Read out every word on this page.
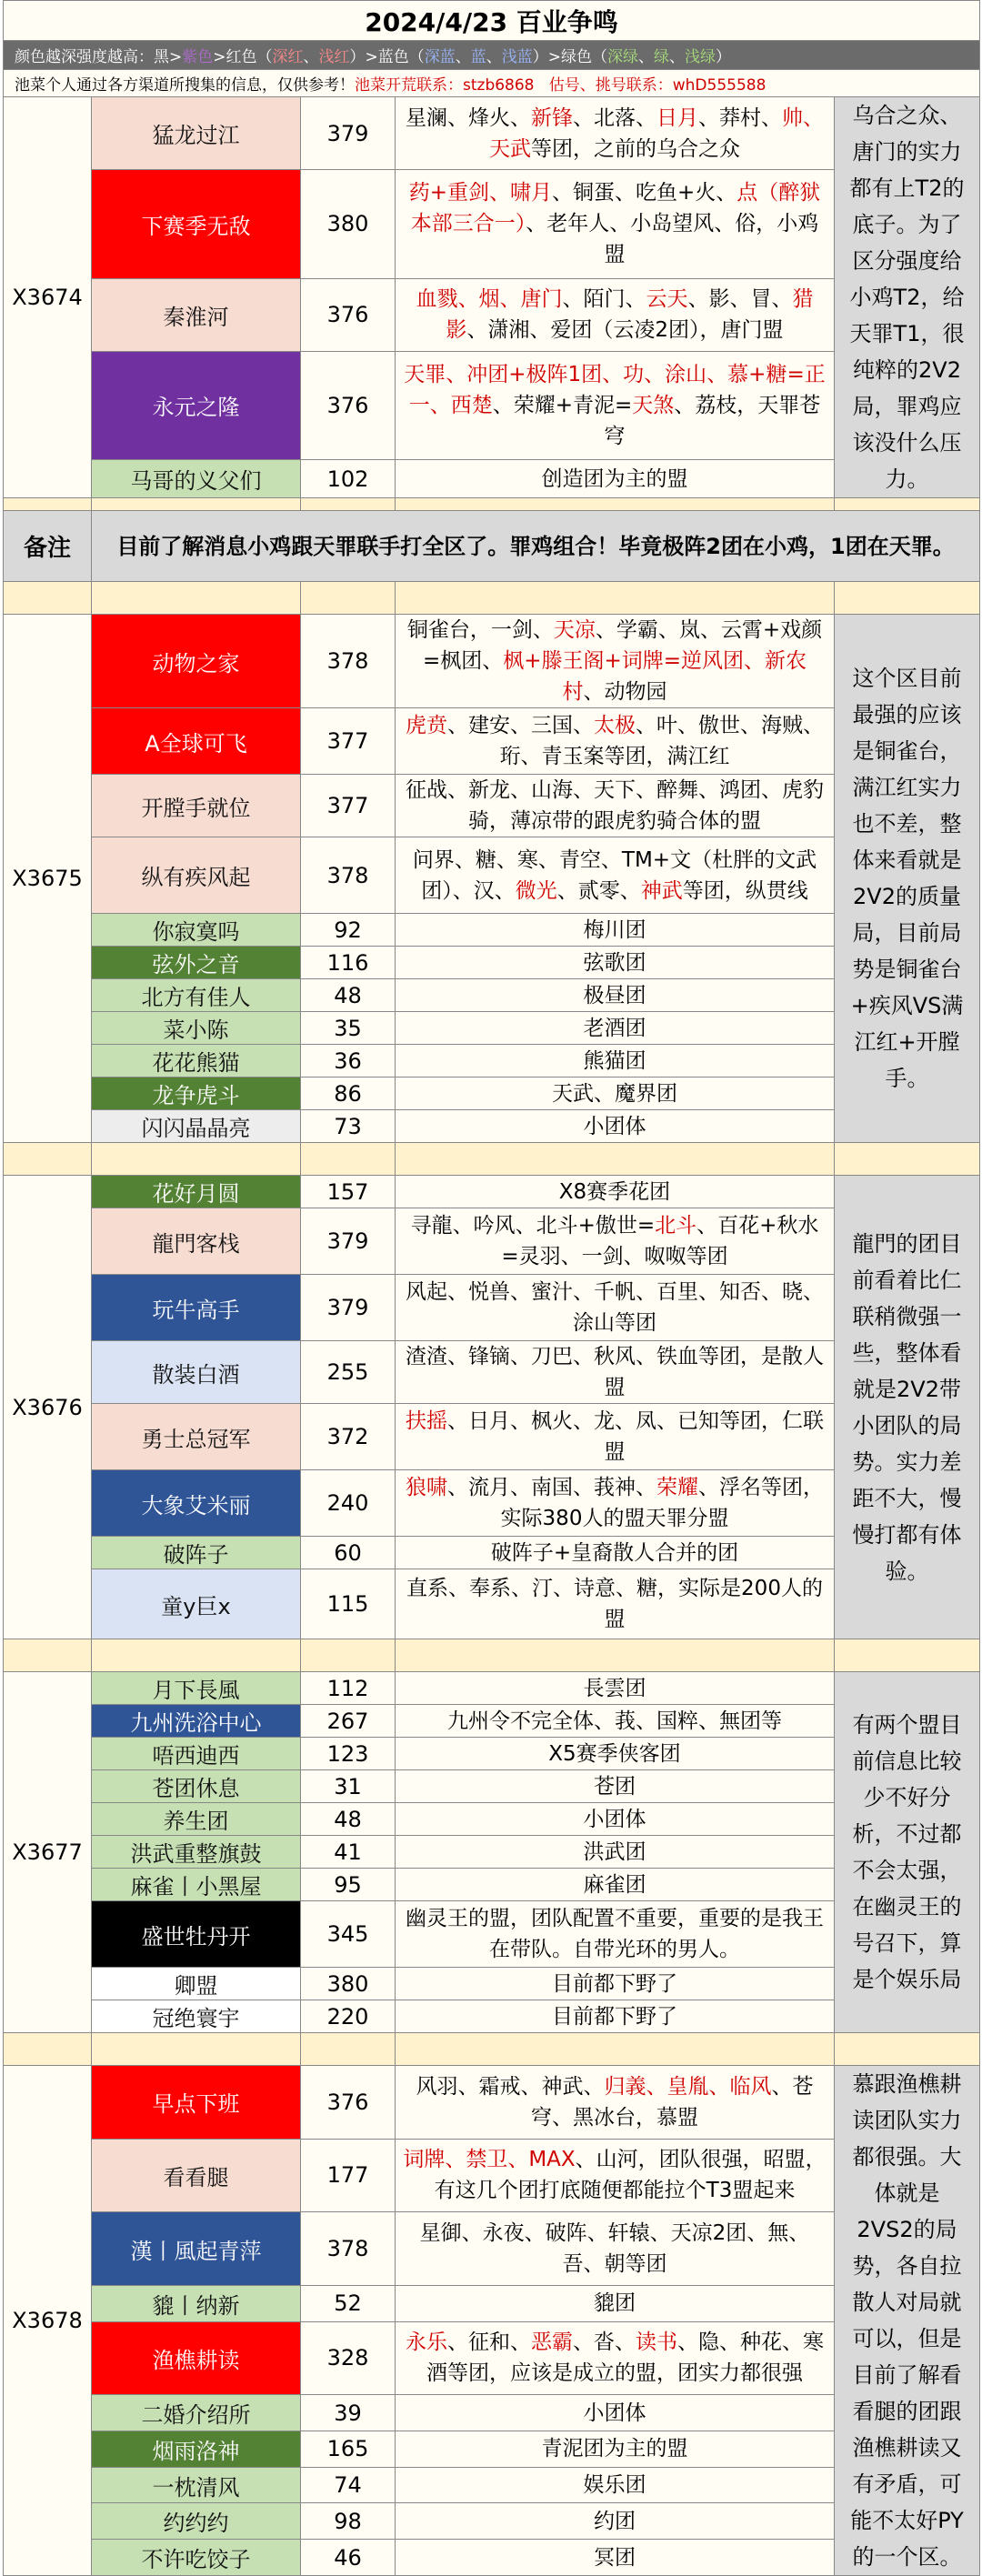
2024/4/23 百业争鸣				
颜色越深强度越高：黑>紫色>红色（深红、浅红）>蓝色（深蓝、蓝、浅蓝）>绿色（深绿、绿、浅绿）				
池菜个人通过各方渠道所搜集的信息，仅供参考！池菜开荒联系：stzb6868 估号、挑号联系：whD555588				
X3674	猛龙过江	379	星澜、烽火、新锋、北落、日月、莽村、帅、天武等团，之前的乌合之众	乌合之众、唐门的实力都有上T2的底子。为了区分强度给小鸡T2，给天罪T1，很纯粹的2V2局，罪鸡应该没什么压力。
	下赛季无敌	380	药+重剑、啸月、铜蛋、吃鱼+火、点（醉狱本部三合一）、老年人、小岛望风、俗，小鸡盟	
	秦淮河	376	血戮、烟、唐门、陌门、云天、影、冒、猎影、潇湘、爱团（云凌2团），唐门盟	
	永元之隆	376	天罪、冲团+极阵1团、功、涂山、慕+糖=正一、西楚、荣耀+青泥=天煞、荔枝，天罪苍穹	
	马哥的义父们	102	创造团为主的盟	

备注	目前了解消息小鸡跟天罪联手打全区了。罪鸡组合！毕竟极阵2团在小鸡，1团在天罪。			

X3675	动物之家	378	铜雀台，一剑、天凉、学霸、岚、云霄+戏颜=枫团、枫+滕王阁+词牌=逆风团、新农村、动物园	这个区目前最强的应该是铜雀台，满江红实力也不差，整体来看就是2V2的质量局，目前局势是铜雀台+疾风VS满江红+开膛手。
	A全球可飞	377	虎贲、建安、三国、太极、叶、傲世、海贼、珩、青玉案等团，满江红	
	开膛手就位	377	征战、新龙、山海、天下、醉舞、鸿团、虎豹骑，薄凉带的跟虎豹骑合体的盟	
	纵有疾风起	378	问界、糖、寒、青空、TM+文（杜胖的文武团）、汉、微光、贰零、神武等团，纵贯线	
	你寂寞吗	92	梅川团	
	弦外之音	116	弦歌团	
	北方有佳人	48	极昼团	
	菜小陈	35	老酒团	
	花花熊猫	36	熊猫团	
	龙争虎斗	86	天武、魔界团	
	闪闪晶晶亮	73	小团体	

X3676	花好月圆	157	X8赛季花团	龍門的团目前看着比仁联稍微强一些，整体看就是2V2带小团队的局势。实力差距不大，慢慢打都有体验。
	龍門客栈	379	寻龍、吟风、北斗+傲世=北斗、百花+秋水=灵羽、一剑、呶呶等团	
	玩牛高手	379	风起、悦兽、蜜汁、千帆、百里、知否、晓、涂山等团	
	散装白酒	255	渣渣、锋镝、刀巴、秋风、铁血等团，是散人盟	
	勇士总冠军	372	扶摇、日月、枫火、龙、凤、已知等团，仁联盟	
	大象艾米丽	240	狼啸、流月、南国、莪神、荣耀、浮名等团，实际380人的盟天罪分盟	
	破阵子	60	破阵子+皇裔散人合并的团	
	童y巨x	115	直系、奉系、汀、诗意、糖，实际是200人的盟	

X3677	月下長風	112	長雲团	有两个盟目前信息比较少不好分析，不过都不会太强，在幽灵王的号召下，算是个娱乐局
	九州洗浴中心	267	九州令不完全体、莪、国粹、無团等	
	唔西迪西	123	X5赛季侠客团	
	苍团休息	31	苍团	
	养生团	48	小团体	
	洪武重整旗鼓	41	洪武团	
	麻雀丨小黑屋	95	麻雀团	
	盛世牡丹开	345	幽灵王的盟，团队配置不重要，重要的是我王在带队。自带光环的男人。	
	卿盟	380	目前都下野了	
	冠绝寰宇	220	目前都下野了	

X3678	早点下班	376	风羽、霜戒、神武、归義、皇胤、临风、苍穹、黑冰台，慕盟	慕跟渔樵耕读团队实力都很强。大体就是2VS2的局势，各自拉散人对局就可以，但是目前了解看看腿的团跟渔樵耕读又有矛盾，可能不太好PY的一个区。
	看看腿	177	词牌、禁卫、MAX、山河，团队很强，昭盟，有这几个团打底随便都能拉个T3盟起来	
	漢丨風起青萍	378	星御、永夜、破阵、轩辕、天凉2团、無、吾、朝等团	
	貔丨纳新	52	貔团	
	渔樵耕读	328	永乐、征和、恶霸、沓、读书、隐、种花、寒酒等团，应该是成立的盟，团实力都很强	
	二婚介绍所	39	小团体	
	烟雨洛神	165	青泥团为主的盟	
	一枕清风	74	娱乐团	
	约约约	98	约团	
	不许吃饺子	46	冥团	
